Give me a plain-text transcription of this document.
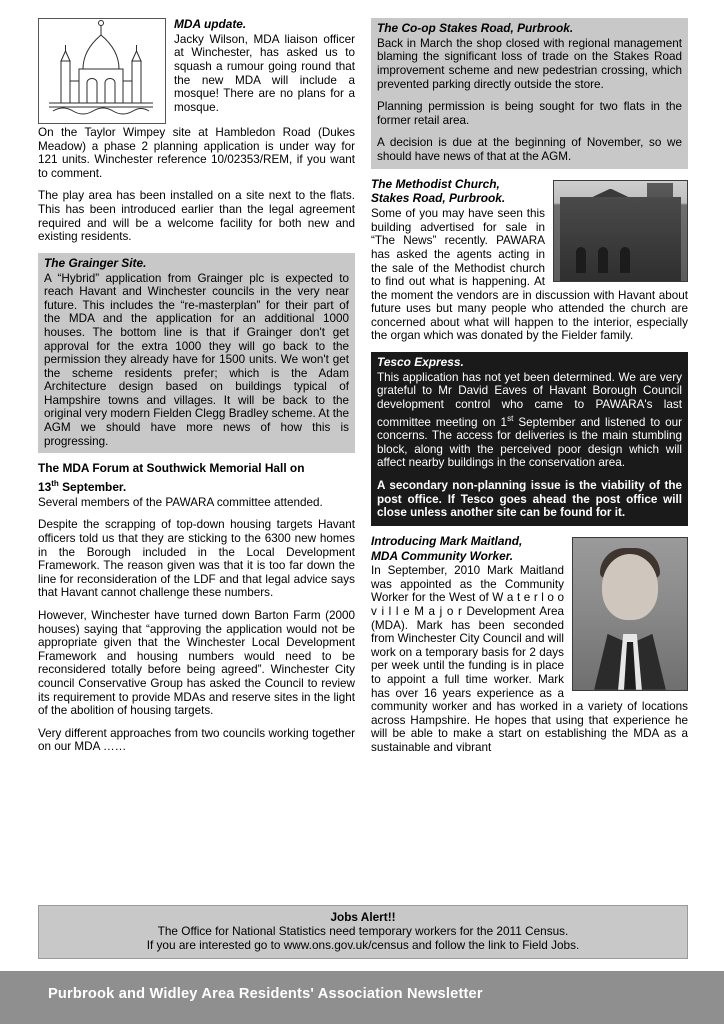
MDA update.

Jacky Wilson, MDA liaison officer at Winchester, has asked us to squash a rumour going round that the new MDA will include a mosque! There are no plans for a mosque.

On the Taylor Wimpey site at Hambledon Road (Dukes Meadow) a phase 2 planning application is under way for 121 units. Winchester reference 10/02353/REM, if you want to comment.

The play area has been installed on a site next to the flats. This has been introduced earlier than the legal agreement required and will be a welcome facility for both new and existing residents.

The Grainger Site.

A “Hybrid” application from Grainger plc is expected to reach Havant and Winchester councils in the very near future. This includes the “re-masterplan” for their part of the MDA and the application for an additional 1000 houses. The bottom line is that if Grainger don't get approval for the extra 1000 they will go back to the permission they already have for 1500 units. We won't get the scheme residents prefer; which is the Adam Architecture design based on buildings typical of Hampshire towns and villages. It will be back to the original very modern Fielden Clegg Bradley scheme. At the AGM we should have more news of how this is progressing.

The MDA Forum at Southwick Memorial Hall on
13th September.

Several members of the PAWARA committee attended.

Despite the scrapping of top-down housing targets Havant officers told us that they are sticking to the 6300 new homes in the Borough included in the Local Development Framework. The reason given was that it is too far down the line for reconsideration of the LDF and that legal advice says that Havant cannot challenge these numbers.

However, Winchester have turned down Barton Farm (2000 houses) saying that “approving the application would not be appropriate given that the Winchester Local Development Framework and housing numbers would need to be reconsidered totally before being agreed”. Winchester City council Conservative Group has asked the Council to review its requirement to provide MDAs and reserve sites in the light of the abolition of housing targets.

Very different approaches from two councils working together on our MDA ……

The Co-op Stakes Road, Purbrook.

Back in March the shop closed with regional management blaming the significant loss of trade on the Stakes Road improvement scheme and new pedestrian crossing, which prevented parking directly outside the store.

Planning permission is being sought for two flats in the former retail area.

A decision is due at the beginning of November, so we should have news of that at the AGM.

The Methodist Church,
Stakes Road, Purbrook.

Some of you may have seen this building advertised for sale in “The News” recently. PAWARA has asked the agents acting in the sale of the Methodist church to find out what is happening. At the moment the vendors are in discussion with Havant about future uses but many people who attended the church are concerned about what will happen to the interior, especially the organ which was donated by the Fielder family.

Tesco Express.

This application has not yet been determined. We are very grateful to Mr David Eaves of Havant Borough Council development control who came to PAWARA's last committee meeting on 1st September and listened to our concerns. The access for deliveries is the main stumbling block, along with the perceived poor design which will affect nearby buildings in the conservation area.

A secondary non-planning issue is the viability of the post office. If Tesco goes ahead the post office will close unless another site can be found for it.

Introducing Mark Maitland,
MDA Community Worker.

In September, 2010 Mark Maitland was appointed as the Community Worker for the West of W a t e r l o o v i l l e M a j o r Development Area (MDA). Mark has been seconded from Winchester City Council and will work on a temporary basis for 2 days per week until the funding is in place to appoint a full time worker. Mark has over 16 years experience as a community worker and has worked in a variety of locations across Hampshire. He hopes that using that experience he will be able to make a start on establishing the MDA as a sustainable and vibrant

Jobs Alert!!
The Office for National Statistics need temporary workers for the 2011 Census.
If you are interested go to www.ons.gov.uk/census and follow the link to Field Jobs.
Purbrook and Widley Area Residents' Association Newsletter
